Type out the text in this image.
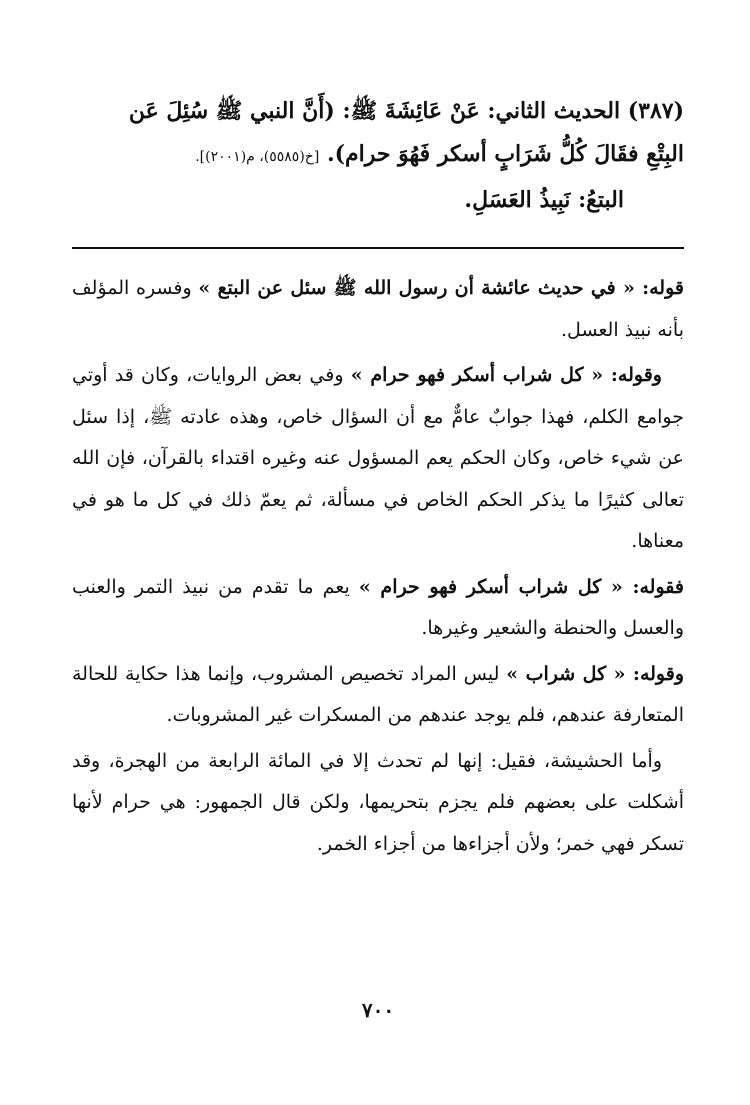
(٣٨٧) الحديث الثاني: عَنْ عَائِشَةَ ﷺ: (أَنَّ النبي ﷺ سُئِلَ عَن

البِتْعِ فقَالَ كُلُّ شَرَابٍ أسكر فَهُوَ حرام). [خ(٥٥٨٥)، م(٢٠٠١)].

البتعُ: نَبِيذُ العَسَلِ.

قوله: « في حديث عائشة أن رسول الله ﷺ سئل عن البتع » وفسره المؤلف بأنه نبيذ العسل.

وقوله: « كل شراب أسكر فهو حرام » وفي بعض الروايات، وكان قد أوتي جوامع الكلم، فهذا جوابٌ عامٌّ مع أن السؤال خاص، وهذه عادته ﷺ، إذا سئل عن شيء خاص، وكان الحكم يعم المسؤول عنه وغيره اقتداء بالقرآن، فإن الله تعالى كثيرًا ما يذكر الحكم الخاص في مسألة، ثم يعمّ ذلك في كل ما هو في معناها.

فقوله: « كل شراب أسكر فهو حرام » يعم ما تقدم من نبيذ التمر والعنب والعسل والحنطة والشعير وغيرها.

وقوله: « كل شراب » ليس المراد تخصيص المشروب، وإنما هذا حكاية للحالة المتعارفة عندهم، فلم يوجد عندهم من المسكرات غير المشروبات.

وأما الحشيشة، فقيل: إنها لم تحدث إلا في المائة الرابعة من الهجرة، وقد أشكلت على بعضهم فلم يجزم بتحريمها، ولكن قال الجمهور: هي حرام لأنها تسكر فهي خمر؛ ولأن أجزاءها من أجزاء الخمر.

٧٠٠
